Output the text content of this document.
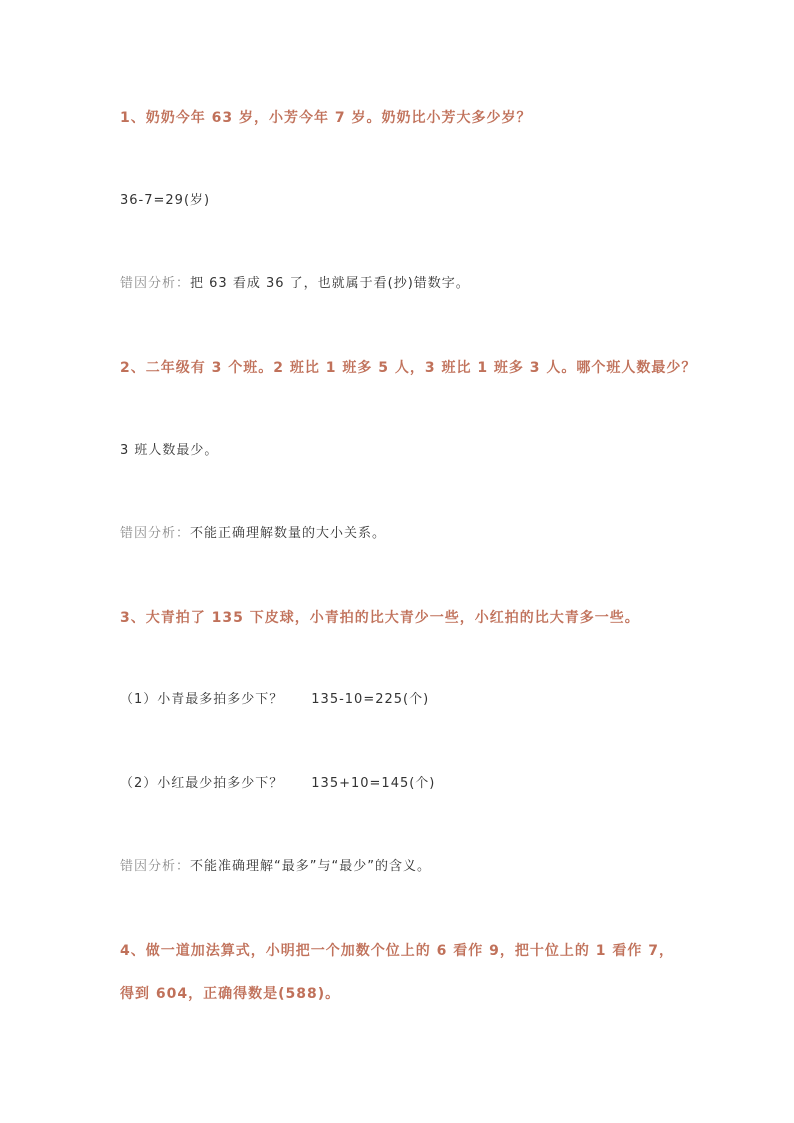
1、奶奶今年 63 岁，小芳今年 7 岁。奶奶比小芳大多少岁？
36-7=29(岁)
错因分析：把 63 看成 36 了，也就属于看(抄)错数字。
2、二年级有 3 个班。2 班比 1 班多 5 人，3 班比 1 班多 3 人。哪个班人数最少？
3 班人数最少。
错因分析：不能正确理解数量的大小关系。
3、大青拍了 135 下皮球，小青拍的比大青少一些，小红拍的比大青多一些。
（1）小青最多拍多少下？ 135-10=225(个)
（2）小红最少拍多少下？ 135+10=145(个)
错因分析：不能准确理解“最多”与“最少”的含义。
4、做一道加法算式，小明把一个加数个位上的 6 看作 9，把十位上的 1 看作 7，
得到 604，正确得数是(588)。
